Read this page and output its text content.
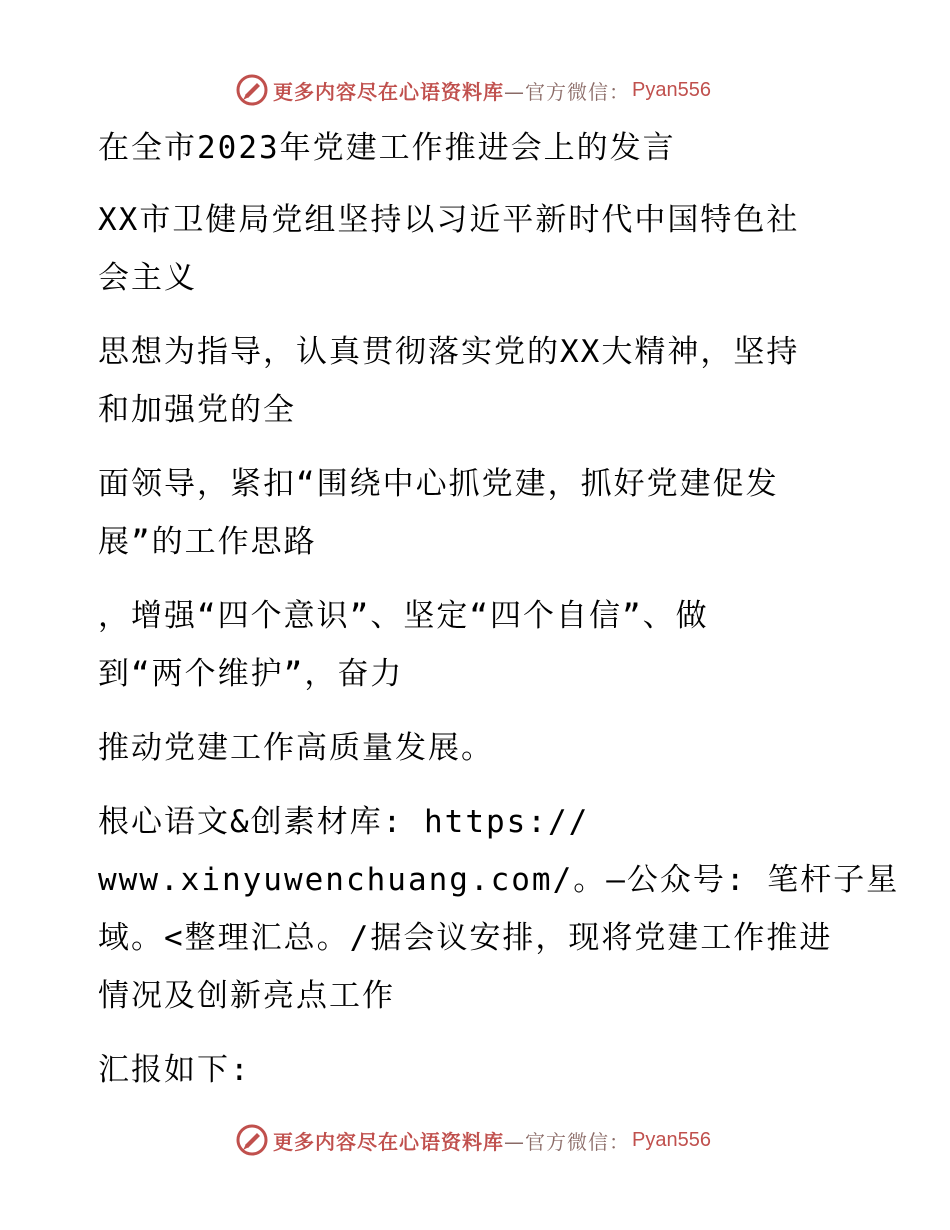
更多内容尽在心语资料库 —官方微信： Pyan556
在全市2023年党建工作推进会上的发言
XX市卫健局党组坚持以习近平新时代中国特色社
会主义
思想为指导，认真贯彻落实党的XX大精神，坚持
和加强党的全
面领导，紧扣“围绕中心抓党建，抓好党建促发
展”的工作思路
，增强“四个意识”、坚定“四个自信”、做
到“两个维护”，奋力
推动党建工作高质量发展。
根心语文&创素材库: https://
www.xinyuwenchuang.com/。—公众号: 笔杆子星
域。<整理汇总。/据会议安排，现将党建工作推进
情况及创新亮点工作
汇报如下:
更多内容尽在心语资料库 —官方微信： Pyan556
